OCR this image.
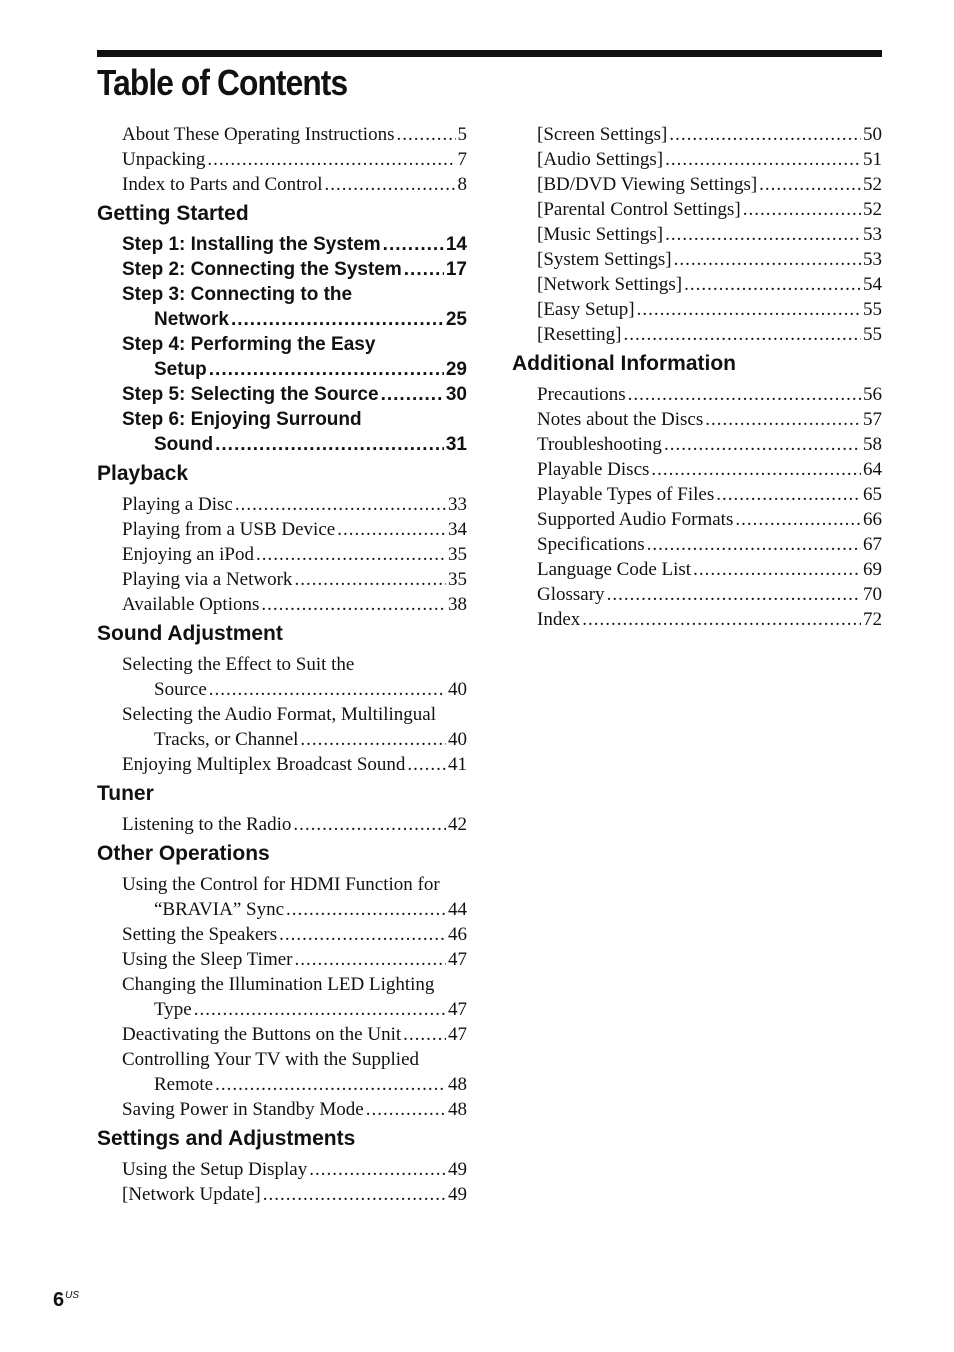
Table of Contents
About These Operating Instructions .....	5
Unpacking .....	7
Index to Parts and Control .....	8
Getting Started
Step 1: Installing the System .....	14
Step 2: Connecting the System ..... 17
Step 3: Connecting to the
Network .....	25
Step 4: Performing the Easy
Setup .....	29
Step 5: Selecting the Source .....	30
Step 6: Enjoying Surround
Sound .....	31
Playback
Playing a Disc .....	33
Playing from a USB Device .....	34
Enjoying an iPod .....	35
Playing via a Network .....	35
Available Options .....	38
Sound Adjustment
Selecting the Effect to Suit the
Source .....	40
Selecting the Audio Format, Multilingual
Tracks, or Channel .....	40
Enjoying Multiplex Broadcast Sound ..... 41
Tuner
Listening to the Radio .....	42
Other Operations
Using the Control for HDMI Function for
“BRAVIA” Sync .....	44
Setting the Speakers .....	46
Using the Sleep Timer .....	47
Changing the Illumination LED Lighting
Type .....	47
Deactivating the Buttons on the Unit ..... 47
Controlling Your TV with the Supplied
Remote .....	48
Saving Power in Standby Mode .....	48
Settings and Adjustments
Using the Setup Display .....	49
[Network Update] .....	49
[Screen Settings] .....	50
[Audio Settings] .....	51
[BD/DVD Viewing Settings] .....	52
[Parental Control Settings] .....	52
[Music Settings] .....	53
[System Settings] .....	53
[Network Settings] .....	54
[Easy Setup] .....	55
[Resetting] .....	55
Additional Information
Precautions .....	56
Notes about the Discs .....	57
Troubleshooting .....	58
Playable Discs .....	64
Playable Types of Files .....	65
Supported Audio Formats .....	66
Specifications .....	67
Language Code List .....	69
Glossary .....	70
Index .....	72
$6^{US}$
